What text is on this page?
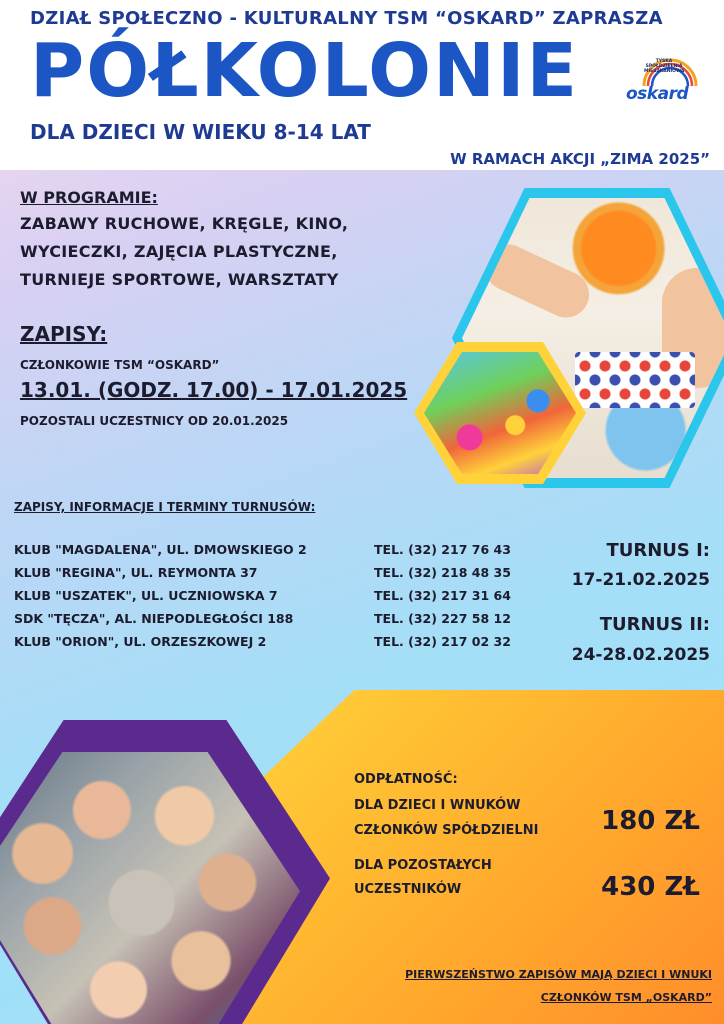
DZIAŁ SPOŁECZNO - KULTURALNY TSM “OSKARD” ZAPRASZA
PÓŁKOLONIE
DLA DZIECI W WIEKU 8-14 LAT
W RAMACH AKCJI „ZIMA 2025”
TYSKA SPÓŁDZIELNIA MIESZKANIOWA
oskard
W PROGRAMIE:
ZABAWY RUCHOWE, KRĘGLE, KINO,
WYCIECZKI, ZAJĘCIA PLASTYCZNE,
TURNIEJE SPORTOWE, WARSZTATY
ZAPISY:
CZŁONKOWIE TSM “OSKARD”
13.01. (GODZ. 17.00) - 17.01.2025
POZOSTALI UCZESTNICY OD 20.01.2025
ZAPISY, INFORMACJE I TERMINY TURNUSÓW:
KLUB "MAGDALENA", UL. DMOWSKIEGO 2	TEL. (32) 217 76 43
KLUB "REGINA", UL. REYMONTA 37	TEL. (32) 218 48 35
KLUB "USZATEK", UL. UCZNIOWSKA 7	TEL. (32) 217 31 64
SDK "TĘCZA", AL. NIEPODLEGŁOŚCI 188	TEL. (32) 227 58 12
KLUB "ORION", UL. ORZESZKOWEJ 2	TEL. (32) 217 02 32
TURNUS I:
17-21.02.2025
TURNUS II:
24-28.02.2025
ODPŁATNOŚĆ:
DLA DZIECI I WNUKÓW
CZŁONKÓW SPÓŁDZIELNI 180 ZŁ
DLA POZOSTAŁYCH
UCZESTNIKÓW	430 ZŁ
PIERWSZEŃSTWO ZAPISÓW MAJĄ DZIECI I WNUKI
CZŁONKÓW TSM „OSKARD”
